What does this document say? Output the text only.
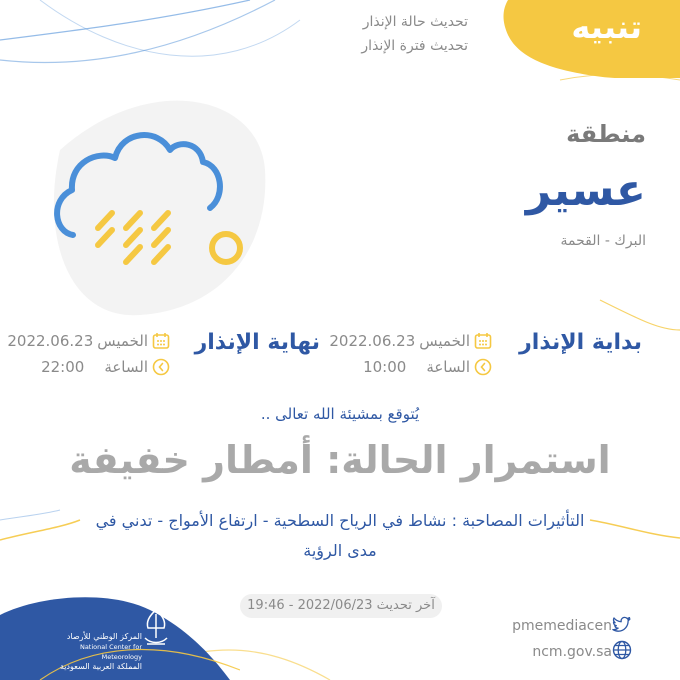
تنبيه
تحديث حالة الإنذار
تحديث فترة الإنذار
منطقة
عسير
البرك - القحمة
بداية الإنذار
الخميس
2022.06.23
الساعة
10:00
نهاية الإنذار
الخميس
2022.06.23
الساعة
22:00
يُتوقع بمشيئة الله تعالى ..
استمرار الحالة: أمطار خفيفة
التأثيرات المصاحبة : نشاط في الرياح السطحية - ارتفاع الأمواج - تدني في مدى الرؤية
آخر تحديث 2022/06/23 - 19:46
pmemediacen
ncm.gov.sa
المركز الوطني للأرصاد
National Center for Meteorology
المملكة العربية السعودية
